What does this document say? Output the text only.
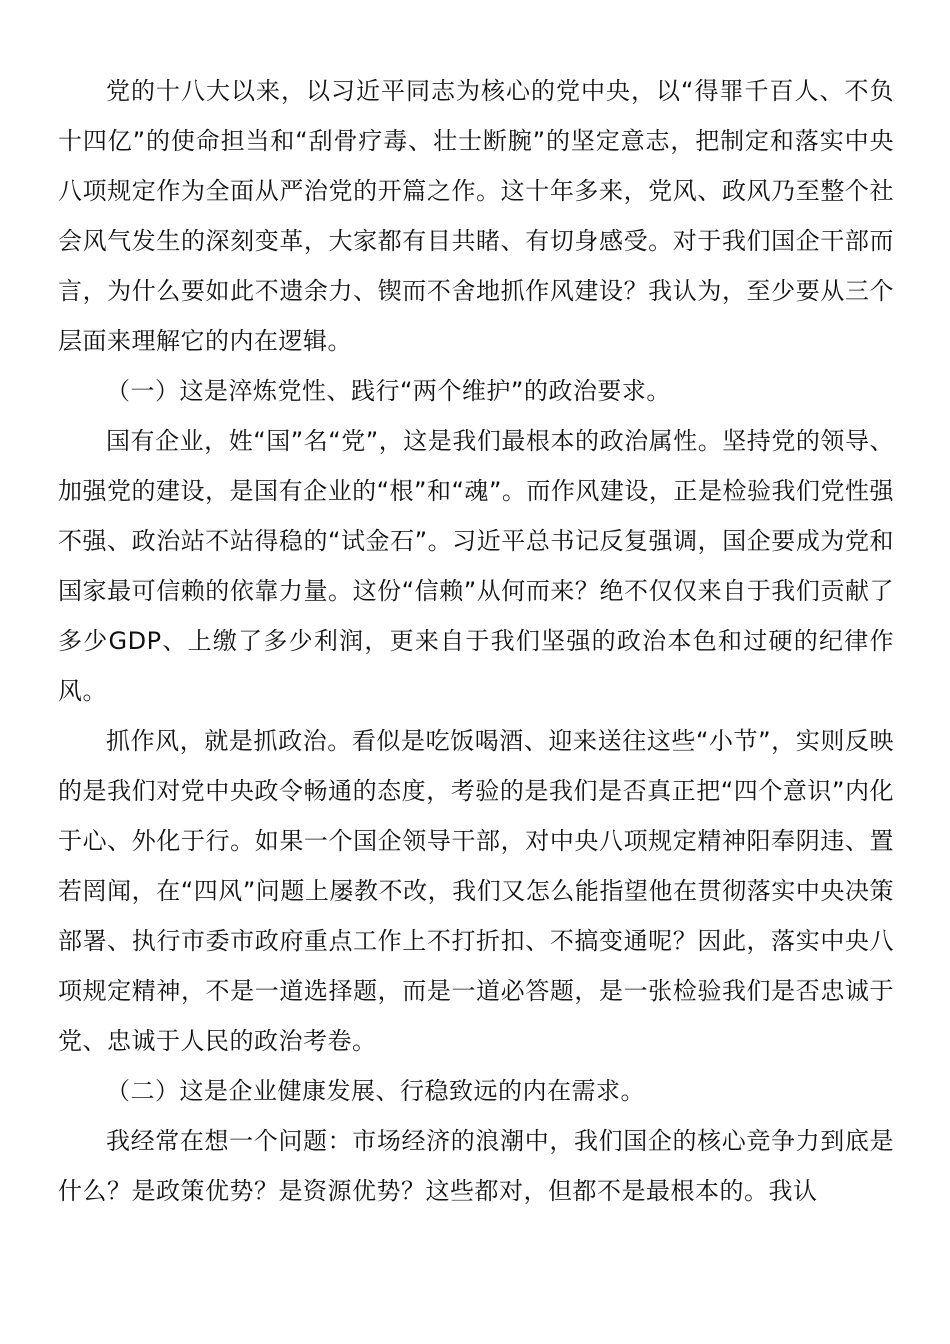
党的十八大以来，以习近平同志为核心的党中央，以“得罪千百人、不负十四亿”的使命担当和“刮骨疗毒、壮士断腕”的坚定意志，把制定和落实中央八项规定作为全面从严治党的开篇之作。这十年多来，党风、政风乃至整个社会风气发生的深刻变革，大家都有目共睹、有切身感受。对于我们国企干部而言，为什么要如此不遗余力、锲而不舍地抓作风建设？我认为，至少要从三个层面来理解它的内在逻辑。

（一）这是淬炼党性、践行“两个维护”的政治要求。

国有企业，姓“国”名“党”，这是我们最根本的政治属性。坚持党的领导、加强党的建设，是国有企业的“根”和“魂”。而作风建设，正是检验我们党性强不强、政治站不站得稳的“试金石”。习近平总书记反复强调，国企要成为党和国家最可信赖的依靠力量。这份“信赖”从何而来？绝不仅仅来自于我们贡献了多少GDP、上缴了多少利润，更来自于我们坚强的政治本色和过硬的纪律作风。

抓作风，就是抓政治。看似是吃饭喝酒、迎来送往这些“小节”，实则反映的是我们对党中央政令畅通的态度，考验的是我们是否真正把“四个意识”内化于心、外化于行。如果一个国企领导干部，对中央八项规定精神阳奉阴违、置若罔闻，在“四风”问题上屡教不改，我们又怎么能指望他在贯彻落实中央决策部署、执行市委市政府重点工作上不打折扣、不搞变通呢？因此，落实中央八项规定精神，不是一道选择题，而是一道必答题，是一张检验我们是否忠诚于党、忠诚于人民的政治考卷。

（二）这是企业健康发展、行稳致远的内在需求。

我经常在想一个问题：市场经济的浪潮中，我们国企的核心竞争力到底是什么？是政策优势？是资源优势？这些都对，但都不是最根本的。我认
